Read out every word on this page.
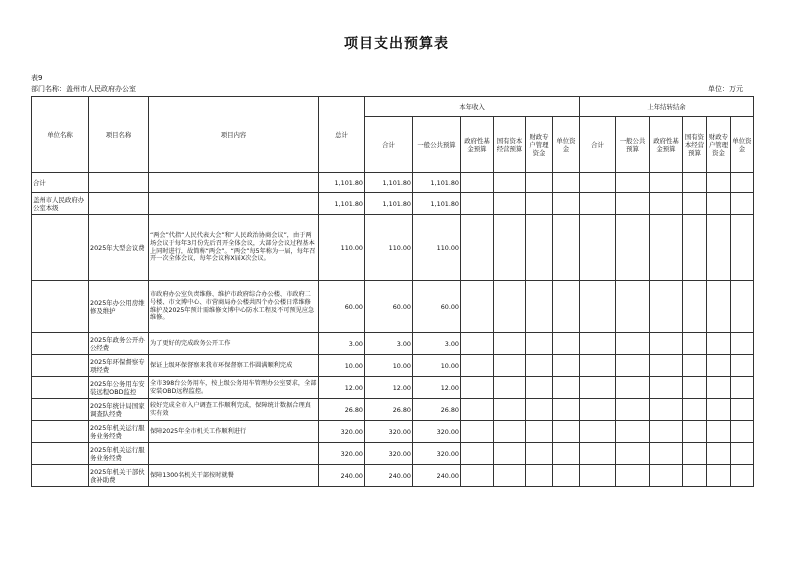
项目支出预算表
表9
部门名称：盖州市人民政府办公室	单位：万元
单位名称	项目名称	项目内容	总计	本年收入						上年结转结余					
				合计	一般公共预算	政府性基金预算	国有资本经营预算	财政专户管理资金	单位资金	合计	一般公共预算	政府性基金预算	国有资本经营预算	财政专户管理资金	单位资金
合计			1,101.80	1,101.80	1,101.80										
盖州市人民政府办公室本级			1,101.80	1,101.80	1,101.80										
	2025年大型会议费	“两会”代指“人民代表大会”和“人民政治协商会议”，由于两场会议于每年3月份先后召开全体会议，大部分会议过程基本上同时进行，故简称“两会”。“两会”每5年称为一届，每年召开一次全体会议，每年会议称X届X次会议。	110.00	110.00	110.00										
	2025年办公用房维修及维护	市政府办公室负责维修、维护市政府综合办公楼、市政府二号楼、市文博中心、市营商局办公楼共四个办公楼日常维修维护及2025年预计需维修文博中心防水工程及不可预见应急维修。	60.00	60.00	60.00										
	2025年政务公开办公经费	为了更好的完成政务公开工作	3.00	3.00	3.00										
	2025年环保督察专项经费	保证上级环保督察来我市环保督察工作圆满顺利完成	10.00	10.00	10.00										
	2025年公务用车安装远程OBD监控	全市398台公务用车，按上级公务用车管理办公室要求，全部安装OBD远程监控。	12.00	12.00	12.00										
	2025年统计局国家调查队经费	较好完成全市入户调查工作顺利完成，保障统计数据合理真实有效	26.80	26.80	26.80										
	2025年机关运行服务业务经费	保障2025年全市机关工作顺利进行	320.00	320.00	320.00										
	2025年机关运行服务业务经费		320.00	320.00	320.00										
	2025年机关干部伙食补助费	保障1300名机关干部按时就餐	240.00	240.00	240.00										
